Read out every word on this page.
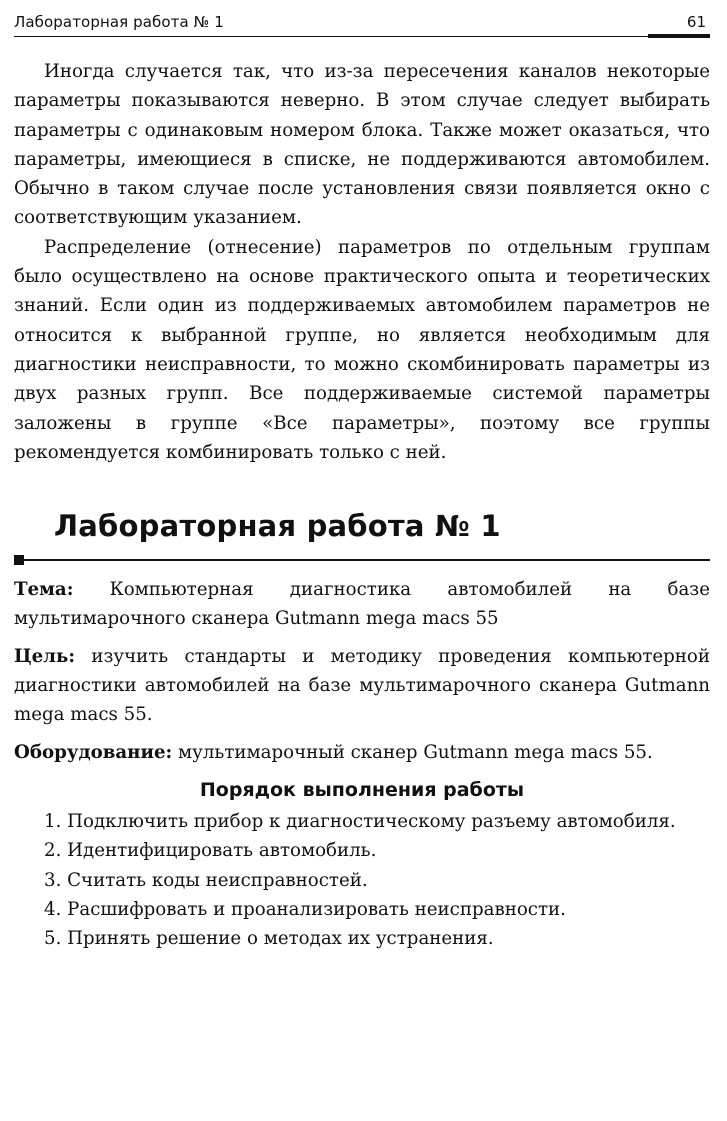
Лабораторная работа № 1	61

Иногда случается так, что из-за пересечения каналов некоторые параметры показываются неверно. В этом случае следует выбирать параметры с одинаковым номером блока. Также может оказаться, что параметры, имеющиеся в списке, не поддерживаются автомобилем. Обычно в таком случае после установления связи появляется окно с соответствующим указанием.

Распределение (отнесение) параметров по отдельным группам было осуществлено на основе практического опыта и теоретических знаний. Если один из поддерживаемых автомобилем параметров не относится к выбранной группе, но является необходимым для диагностики неисправности, то можно скомбинировать параметры из двух разных групп. Все поддерживаемые системой параметры заложены в группе «Все параметры», поэтому все группы рекомендуется комбинировать только с ней.

Лабораторная работа № 1

Тема: Компьютерная диагностика автомобилей на базе мультимарочного сканера Gutmann mega macs 55

Цель: изучить стандарты и методику проведения компьютерной диагностики автомобилей на базе мультимарочного сканера Gutmann mega macs 55.

Оборудование: мультимарочный сканер Gutmann mega macs 55.

Порядок выполнения работы
1. Подключить прибор к диагностическому разъему автомобиля.
2. Идентифицировать автомобиль.
3. Считать коды неисправностей.
4. Расшифровать и проанализировать неисправности.
5. Принять решение о методах их устранения.
